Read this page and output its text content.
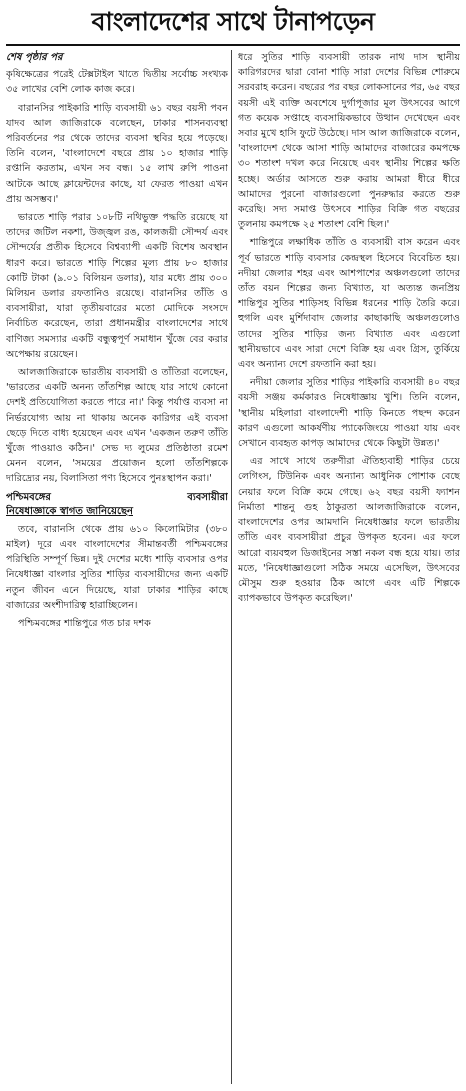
বাংলাদেশের সাথে টানাপড়েন
শেষ পৃষ্ঠার পর

কৃষিক্ষেত্রের পরেই টেক্সটাইল খাতে দ্বিতীয় সর্বোচ্চ সংখ্যক ৩৫ লাখের বেশি লোক কাজ করে।

বারানসির পাইকারি শাড়ি ব্যবসায়ী ৬১ বছর বয়সী পবন যাদব আল জাজিরাকে বলেছেন, ঢাকার শাসনব্যবস্থা পরিবর্তনের পর থেকে তাদের ব্যবসা স্থবির হয়ে পড়েছে। তিনি বলেন, 'বাংলাদেশে বছরে প্রায় ১০ হাজার শাড়ি রপ্তানি করতাম, এখন সব বন্ধ। ১৫ লাখ রুপি পাওনা আটকে আছে ক্লায়েন্টদের কাছে, যা ফেরত পাওয়া এখন প্রায় অসম্ভব।'

ভারতে শাড়ি পরার ১০৮টি নথিভুক্ত পদ্ধতি রয়েছে যা তাদের জটিল নকশা, উজ্জ্বল রঙ, কালজয়ী সৌন্দর্য এবং সৌন্দর্যের প্রতীক হিসেবে বিশ্বব্যাপী একটি বিশেষ অবস্থান ধারণ করে। ভারতে শাড়ি শিল্পের মূল্য প্রায় ৮০ হাজার কোটি টাকা (৯.০১ বিলিয়ন ডলার), যার মধ্যে প্রায় ৩০০ মিলিয়ন ডলার রফতানিও রয়েছে। বারানসির তাঁতি ও ব্যবসায়ীরা, যারা তৃতীয়বারের মতো মোদিকে সংসদে নির্বাচিত করেছেন, তারা প্রধানমন্ত্রীর বাংলাদেশের সাথে বাণিজ্য সমস্যার একটি বন্ধুত্বপূর্ণ সমাধান খুঁজে বের করার অপেক্ষায় রয়েছেন।

আলজাজিরাকে ভারতীয় ব্যবসায়ী ও তাঁতিরা বলেছেন, 'ভারতের একটি অনন্য তাঁতশিল্প আছে যার সাথে কোনো দেশই প্রতিযোগিতা করতে পারে না।' কিন্তু পর্যাপ্ত ব্যবসা না নির্ভরযোগ্য আয় না থাকায় অনেক কারিগর এই ব্যবসা ছেড়ে দিতে বাধ্য হয়েছেন এবং এখন 'একজন তরুণ তাঁতি খুঁজে পাওয়াও কঠিন।' সেভ দ্য লুমের প্রতিষ্ঠাতা রমেশ মেনন বলেন, 'সময়ের প্রয়োজন হলো তাঁতশিল্পকে দারিদ্র্যের নয়, বিলাসিতা পণ্য হিসেবে পুনঃস্থাপন করা।'

পশ্চিমবঙ্গের ব্যবসায়ীরা
নিষেধাজ্ঞাকে স্বাগত জানিয়েছেন

তবে, বারানসি থেকে প্রায় ৬১০ কিলোমিটার (৩৮০ মাইল) দূরে এবং বাংলাদেশের সীমান্তবর্তী পশ্চিমবঙ্গের পরিস্থিতি সম্পূর্ণ ভিন্ন। দুই দেশের মধ্যে শাড়ি ব্যবসার ওপর নিষেধাজ্ঞা বাংলার সুতির শাড়ির ব্যবসায়ীদের জন্য একটি নতুন জীবন এনে দিয়েছে, যারা ঢাকার শাড়ির কাছে বাজারের অংশীদারিত্ব হারাচ্ছিলেন।

পশ্চিমবঙ্গের শান্তিপুরে গত চার দশক

ধরে সুতির শাড়ি ব্যবসায়ী তারক নাথ দাস স্থানীয় কারিগরদের দ্বারা বোনা শাড়ি সারা দেশের বিভিন্ন শোরুমে সরবরাহ করেন। বছরের পর বছর লোকসানের পর, ৬৫ বছর বয়সী এই ব্যক্তি অবশেষে দুর্গাপূজার মূল উৎসবের আগে গত কয়েক সপ্তাহে ব্যবসায়িকভাবে উত্থান দেখেছেন এবং সবার মুখে হাসি ফুটে উঠেছে। দাস আল জাজিরাকে বলেন, 'বাংলাদেশ থেকে আসা শাড়ি আমাদের বাজারের কমপক্ষে ৩০ শতাংশ দখল করে নিয়েছে এবং স্থানীয় শিল্পের ক্ষতি হচ্ছে। অর্ডার আসতে শুরু করায় আমরা ধীরে ধীরে আমাদের পুরনো বাজারগুলো পুনরুদ্ধার করতে শুরু করেছি। সদ্য সমাপ্ত উৎসবে শাড়ির বিক্রি গত বছরের তুলনায় কমপক্ষে ২৫ শতাংশ বেশি ছিল।'

শান্তিপুরে লক্ষাধিক তাঁতি ও ব্যবসায়ী বাস করেন এবং পূর্ব ভারতে শাড়ি ব্যবসার কেন্দ্রস্থল হিসেবে বিবেচিত হয়। নদীয়া জেলার শহর এবং আশপাশের অঞ্চলগুলো তাদের তাঁত বয়ন শিল্পের জন্য বিখ্যাত, যা অত্যন্ত জনপ্রিয় শান্তিপুর সুতির শাড়িসহ বিভিন্ন ধরনের শাড়ি তৈরি করে। হুগলি এবং মুর্শিদাবাদ জেলার কাছাকাছি অঞ্চলগুলোও তাদের সুতির শাড়ির জন্য বিখ্যাত এবং এগুলো স্থানীয়ভাবে এবং সারা দেশে বিক্রি হয় এবং গ্রিস, তুর্কিয়ে এবং অন্যান্য দেশে রফতানি করা হয়।

নদীয়া জেলার সুতির শাড়ির পাইকারি ব্যবসায়ী ৪০ বছর বয়সী সঞ্জয় কর্মকারও নিষেধাজ্ঞায় খুশি। তিনি বলেন, 'স্থানীয় মহিলারা বাংলাদেশী শাড়ি কিনতে পছন্দ করেন কারণ এগুলো আকর্ষণীয় প্যাকেজিংয়ে পাওয়া যায় এবং সেখানে ব্যবহৃত কাপড় আমাদের থেকে কিছুটা উন্নত।'

এর সাথে সাথে তরুণীরা ঐতিহ্যবাহী শাড়ির চেয়ে লেগিংস, টিউনিক এবং অন্যান্য আধুনিক পোশাক বেছে নেয়ার ফলে বিক্রি কমে গেছে। ৬২ বছর বয়সী ফ্যাশন নির্মাতা শান্তনু গুহ ঠাকুরতা আলজাজিরাকে বলেন, বাংলাদেশের ওপর আমদানি নিষেধাজ্ঞার ফলে ভারতীয় তাঁতি এবং ব্যবসায়ীরা প্রচুর উপকৃত হবেন। এর ফলে আরো ব্যয়বহুল ডিজাইনের সস্তা নকল বন্ধ হয়ে যায়। তার মতে, 'নিষেধাজ্ঞাগুলো সঠিক সময়ে এসেছিল, উৎসবের মৌসুম শুরু হওয়ার ঠিক আগে এবং এটি শিল্পকে ব্যাপকভাবে উপকৃত করেছিল।'
